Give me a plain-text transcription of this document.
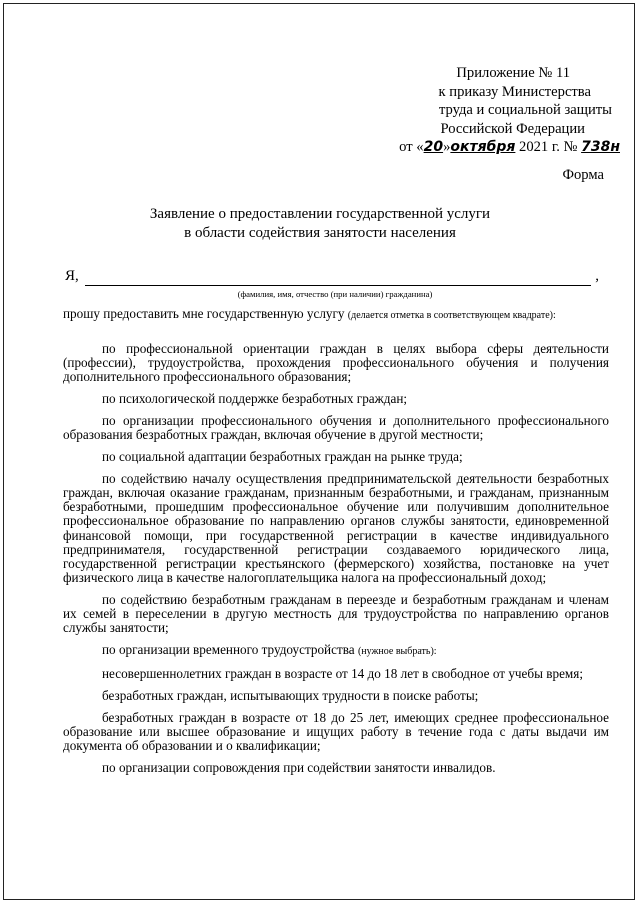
Приложение № 11
к приказу Министерства
труда и социальной защиты
Российской Федерации
от «20»октября 2021 г. № 738н
Форма
Заявление о предоставлении государственной услуги
в области содействия занятости населения
Я,	,
(фамилия, имя, отчество (при наличии) гражданина)
прошу предоставить мне государственную услугу (делается отметка в соответствующем квадрате):

по профессиональной ориентации граждан в целях выбора сферы деятельности (профессии), трудоустройства, прохождения профессионального обучения и получения дополнительного профессионального образования;

по психологической поддержке безработных граждан;

по организации профессионального обучения и дополнительного профессионального образования безработных граждан, включая обучение в другой местности;

по социальной адаптации безработных граждан на рынке труда;

по содействию началу осуществления предпринимательской деятельности безработных граждан, включая оказание гражданам, признанным безработными, и гражданам, признанным безработными, прошедшим профессиональное обучение или получившим дополнительное профессиональное образование по направлению органов службы занятости, единовременной финансовой помощи, при государственной регистрации в качестве индивидуального предпринимателя, государственной регистрации создаваемого юридического лица, государственной регистрации крестьянского (фермерского) хозяйства, постановке на учет физического лица в качестве налогоплательщика налога на профессиональный доход;

по содействию безработным гражданам в переезде и безработным гражданам и членам их семей в переселении в другую местность для трудоустройства по направлению органов службы занятости;

по организации временного трудоустройства (нужное выбрать):

несовершеннолетних граждан в возрасте от 14 до 18 лет в свободное от учебы время;

безработных граждан, испытывающих трудности в поиске работы;

безработных граждан в возрасте от 18 до 25 лет, имеющих среднее профессиональное образование или высшее образование и ищущих работу в течение года с даты выдачи им документа об образовании и о квалификации;

по организации сопровождения при содействии занятости инвалидов.
